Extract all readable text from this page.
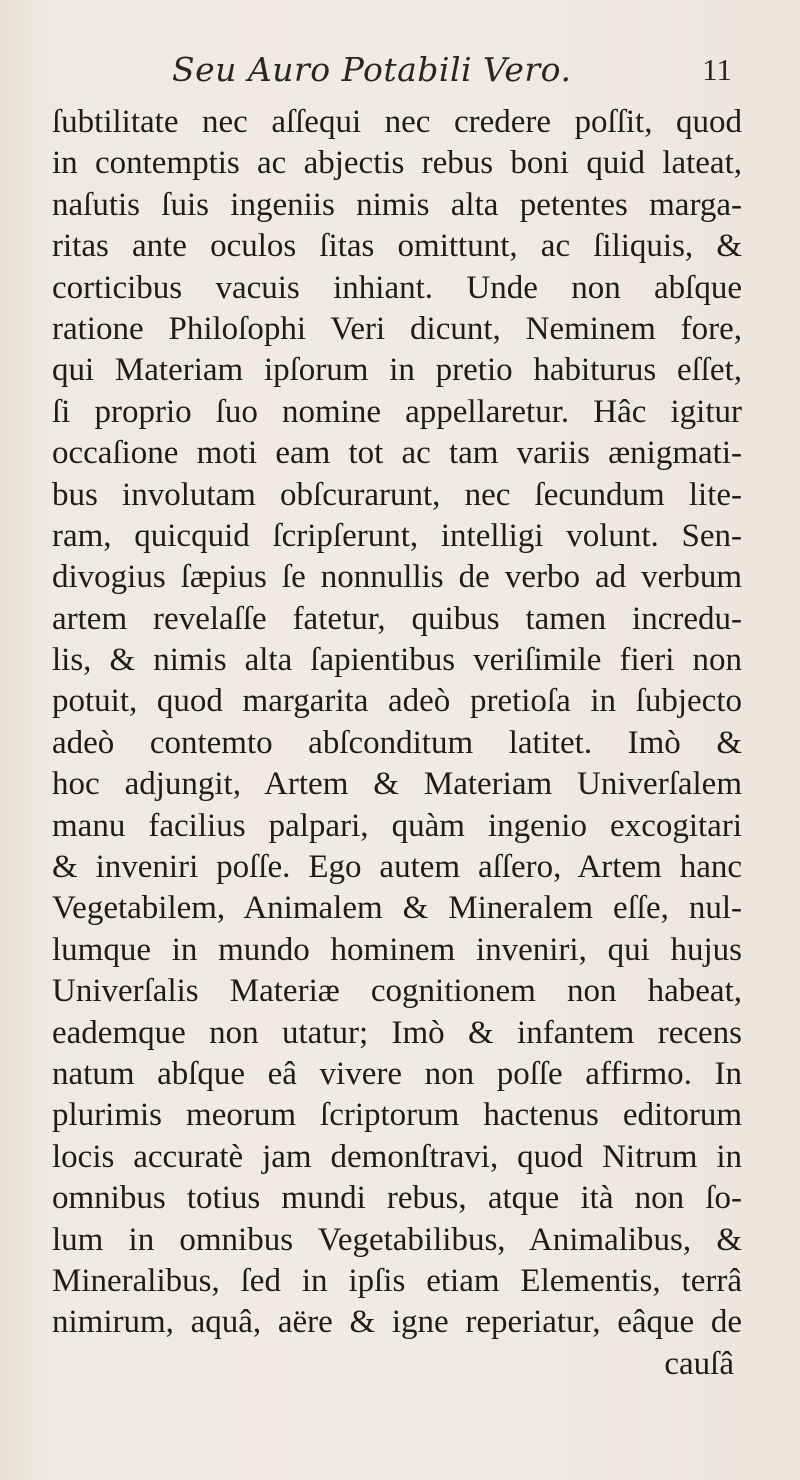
Seu Auro Potabili Vero.	11
ſubtilitate nec aſſequi nec credere poſſit, quod
in contemptis ac abjectis rebus boni quid lateat,
naſutis ſuis ingeniis nimis alta petentes marga-
ritas ante oculos ſitas omittunt, ac ſiliquis, &
corticibus vacuis inhiant. Unde non abſque
ratione Philoſophi Veri dicunt, Neminem fore,
qui Materiam ipſorum in pretio habiturus eſſet,
ſi proprio ſuo nomine appellaretur. Hâc igitur
occaſione moti eam tot ac tam variis ænigmati-
bus involutam obſcurarunt, nec ſecundum lite-
ram, quicquid ſcripſerunt, intelligi volunt. Sen-
divogius ſæpius ſe nonnullis de verbo ad verbum
artem revelaſſe fatetur, quibus tamen incredu-
lis, & nimis alta ſapientibus veriſimile fieri non
potuit, quod margarita adeò pretioſa in ſubjecto
adeò contemto abſconditum latitet. Imò &
hoc adjungit, Artem & Materiam Univerſalem
manu facilius palpari, quàm ingenio excogitari
& inveniri poſſe. Ego autem aſſero, Artem hanc
Vegetabilem, Animalem & Mineralem eſſe, nul-
lumque in mundo hominem inveniri, qui hujus
Univerſalis Materiæ cognitionem non habeat,
eademque non utatur; Imò & infantem recens
natum abſque eâ vivere non poſſe affirmo. In
plurimis meorum ſcriptorum hactenus editorum
locis accuratè jam demonſtravi, quod Nitrum in
omnibus totius mundi rebus, atque ità non ſo-
lum in omnibus Vegetabilibus, Animalibus, &
Mineralibus, ſed in ipſis etiam Elementis, terrâ
nimirum, aquâ, aëre & igne reperiatur, eâque de
cauſâ
